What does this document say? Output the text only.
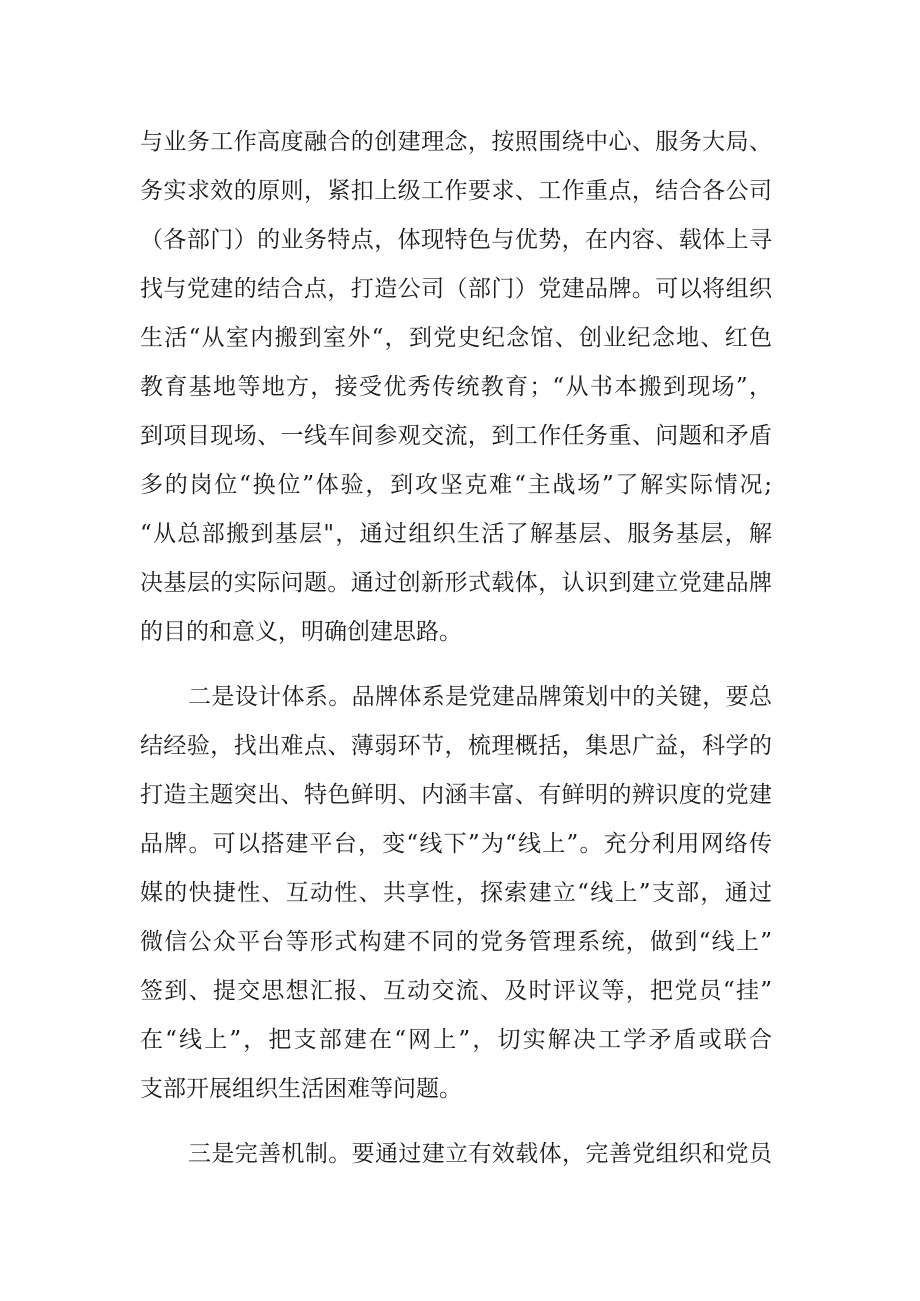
与业务工作高度融合的创建理念，按照围绕中心、服务大局、
务实求效的原则，紧扣上级工作要求、工作重点，结合各公司
（各部门）的业务特点，体现特色与优势，在内容、载体上寻
找与党建的结合点，打造公司（部门）党建品牌。可以将组织
生活“从室内搬到室外“，到党史纪念馆、创业纪念地、红色
教育基地等地方，接受优秀传统教育；“从书本搬到现场”，
到项目现场、一线车间参观交流，到工作任务重、问题和矛盾
多的岗位“换位”体验，到攻坚克难“主战场”了解实际情况;
“从总部搬到基层"，通过组织生活了解基层、服务基层，解
决基层的实际问题。通过创新形式载体，认识到建立党建品牌
的目的和意义，明确创建思路。
二是设计体系。品牌体系是党建品牌策划中的关键，要总
结经验，找出难点、薄弱环节，梳理概括，集思广益，科学的
打造主题突出、特色鲜明、内涵丰富、有鲜明的辨识度的党建
品牌。可以搭建平台，变“线下”为“线上”。充分利用网络传
媒的快捷性、互动性、共享性，探索建立“线上”支部，通过
微信公众平台等形式构建不同的党务管理系统，做到“线上”
签到、提交思想汇报、互动交流、及时评议等，把党员“挂”
在“线上”，把支部建在“网上”，切实解决工学矛盾或联合
支部开展组织生活困难等问题。
三是完善机制。要通过建立有效载体，完善党组织和党员
